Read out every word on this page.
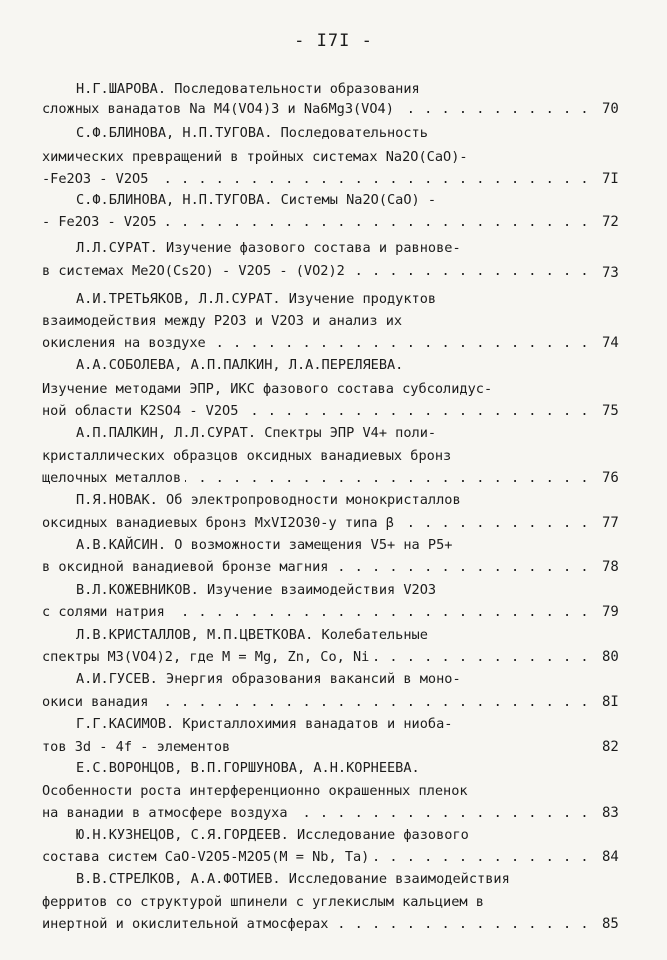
- I7I -
Н.Г.ШАРОВА. Последовательности образования
сложных ванадатов Na M4(VO4)3 и Na6Mg3(VO4) . . .	70
С.Ф.БЛИНОВА, Н.П.ТУГОВА. Последовательность
химических превращений в тройных системах Na2O(CaO)-
-Fe2O3 - V2O5 . . .	7I
С.Ф.БЛИНОВА, Н.П.ТУГОВА. Системы Na2O(CaO) -
- Fe2O3 - V2O5 . . .	72
Л.Л.СУРАТ. Изучение фазового состава и равнове-
в системах Me2O(Cs2O) - V2O5 - (VO2)2 . . .	73
А.И.ТРЕТЬЯКОВ, Л.Л.СУРАТ. Изучение продуктов
взаимодействия между Р2O3 и V2O3 и анализ их
окисления на воздухе . . .	74
А.А.СОБОЛЕВА, А.П.ПАЛКИН, Л.А.ПЕРЕЛЯЕВА.
Изучение методами ЭПР, ИКС фазового состава субсолидус-
ной области K2SO4 - V2O5 . . .	75
А.П.ПАЛКИН, Л.Л.СУРАТ. Спектры ЭПР V4+ поли-
кристаллических образцов оксидных ванадиевых бронз
щелочных металлов . . .	76
П.Я.НОВАК. Об электропроводности монокристаллов
оксидных ванадиевых бронз MxVI2O30-y типа β . . .	77
А.В.КАЙСИН. О возможности замещения V5+ на P5+
в оксидной ванадиевой бронзе магния . . .	78
В.Л.КОЖЕВНИКОВ. Изучение взаимодействия V2O3
с солями натрия . . .	79
Л.В.КРИСТАЛЛОВ, М.П.ЦВЕТКОВА. Колебательные
спектры M3(VO4)2, где M = Mg, Zn, Co, Ni . . .	80
А.И.ГУСЕВ. Энергия образования вакансий в моно-
окиси ванадия . . .	8I
Г.Г.КАСИМОВ. Кристаллохимия ванадатов и ниоба-
тов 3d - 4f - элементов	82
Е.С.ВОРОНЦОВ, В.П.ГОРШУНОВА, А.Н.КОРНЕЕВА.
Особенности роста интерференционно окрашенных пленок
на ванадии в атмосфере воздуха . . .	83
Ю.Н.КУЗНЕЦОВ, С.Я.ГОРДЕЕВ. Исследование фазового
состава систем CaO-V2O5-M2O5(M = Nb, Ta) . . .	84
В.В.СТРЕЛКОВ, А.А.ФОТИЕВ. Исследование взаимодействия
ферритов со структурой шпинели с углекислым кальцием в
инертной и окислительной атмосферах . . .	85
